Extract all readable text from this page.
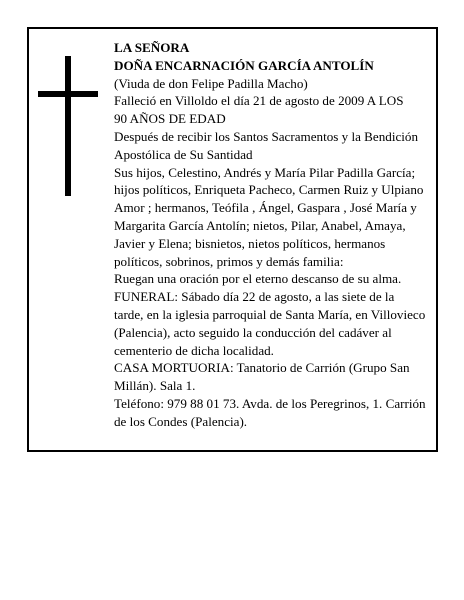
LA SEÑORA

DOÑA ENCARNACIÓN GARCÍA ANTOLÍN

(Viuda de don Felipe Padilla Macho)

Falleció en Villoldo el día 21 de agosto de 2009 A LOS

90 AÑOS DE EDAD

Después de recibir los Santos Sacramentos y la Bendición Apostólica de Su Santidad

Sus hijos, Celestino, Andrés y María Pilar Padilla García; hijos políticos, Enriqueta Pacheco, Carmen Ruiz y Ulpiano Amor ; hermanos, Teófila , Ángel, Gaspara , José María y Margarita García Antolín; nietos, Pilar, Anabel, Amaya, Javier y Elena; bisnietos, nietos políticos, hermanos políticos, sobrinos, primos y demás familia:

Ruegan una oración por el eterno descanso de su alma.

FUNERAL: Sábado día 22 de agosto, a las siete de la tarde, en la iglesia parroquial de Santa María, en Villovieco (Palencia), acto seguido la conducción del cadáver al cementerio de dicha localidad.

CASA MORTUORIA: Tanatorio de Carrión (Grupo San Millán). Sala 1.

Teléfono: 979 88 01 73. Avda. de los Peregrinos, 1. Carrión de los Condes (Palencia).
